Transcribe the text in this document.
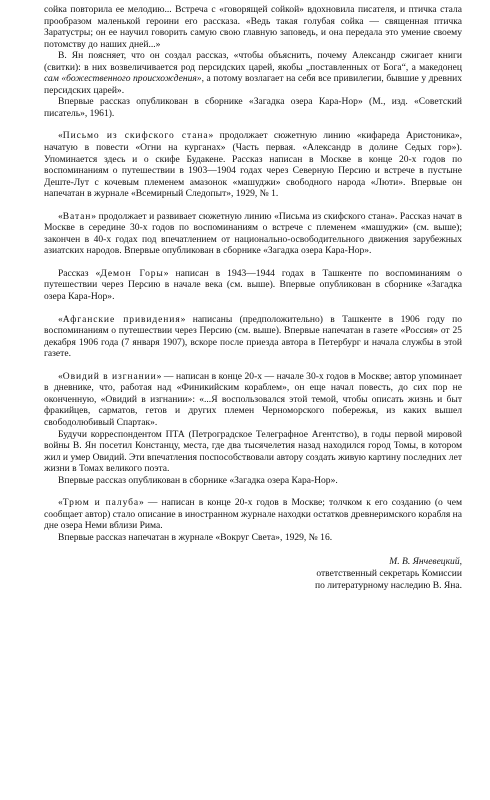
сойка повторила ее мелодию... Встреча с «говорящей сойкой» вдохновила писателя, и птичка стала прообразом маленькой героини его рассказа. «Ведь такая голубая сойка — священная птичка Заратустры; он ее научил говорить самую свою главную заповедь, и она передала это умение своему потомству до наших дней...»

В. Ян поясняет, что он создал рассказ, «чтобы объяснить, почему Александр сжигает книги (свитки): в них возвеличивается род персидских царей, якобы „поставленных от Бога“, а македонец сам «божественного происхождения», а потому возлагает на себя все привилегии, бывшие у древних персидских царей».

Впервые рассказ опубликован в сборнике «Загадка озера Кара-Нор» (М., изд. «Советский писатель», 1961).

«Письмо из скифского стана» продолжает сюжетную линию «кифареда Аристоника», начатую в повести «Огни на курганах» (Часть первая. «Александр в долине Седых гор»). Упоминается здесь и о скифе Будакене. Рассказ написан в Москве в конце 20-х годов по воспоминаниям о путешествии в 1903—1904 годах через Северную Персию и встрече в пустыне Деште-Лут с кочевым племенем амазонок «машуджи» свободного народа «Люти». Впервые он напечатан в журнале «Всемирный Следопыт», 1929, № 1.

«Ватан» продолжает и развивает сюжетную линию «Письма из скифского стана». Рассказ начат в Москве в середине 30-х годов по воспоминаниям о встрече с племенем «машуджи» (см. выше); закончен в 40-х годах под впечатлением от национально-освободительного движения зарубежных азиатских народов. Впервые опубликован в сборнике «Загадка озера Кара-Нор».

Рассказ «Демон Горы» написан в 1943—1944 годах в Ташкенте по воспоминаниям о путешествии через Персию в начале века (см. выше). Впервые опубликован в сборнике «Загадка озера Кара-Нор».

«Афганские привидения» написаны (предположительно) в Ташкенте в 1906 году по воспоминаниям о путешествии через Персию (см. выше). Впервые напечатан в газете «Россия» от 25 декабря 1906 года (7 января 1907), вскоре после приезда автора в Петербург и начала службы в этой газете.

«Овидий в изгнании» — написан в конце 20-х — начале 30-х годов в Москве; автор упоминает в дневнике, что, работая над «Финикийским кораблем», он еще начал повесть, до сих пор не оконченную, «Овидий в изгнании»: «...Я воспользовался этой темой, чтобы описать жизнь и быт фракийцев, сарматов, гетов и других племен Черноморского побережья, из каких вышел свободолюбивый Спартак».

Будучи корреспондентом ПТА (Петроградское Телеграфное Агентство), в годы первой мировой войны В. Ян посетил Констанцу, места, где два тысячелетия назад находился город Томы, в котором жил и умер Овидий. Эти впечатления поспособствовали автору создать живую картину последних лет жизни в Томах великого поэта.

Впервые рассказ опубликован в сборнике «Загадка озера Кара-Нор».

«Трюм и палуба» — написан в конце 20-х годов в Москве; толчком к его созданию (о чем сообщает автор) стало описание в иностранном журнале находки остатков древнеримского корабля на дне озера Неми вблизи Рима.

Впервые рассказ напечатан в журнале «Вокруг Света», 1929, № 16.

М. В. Янчевецкий,

ответственный секретарь Комиссии

по литературному наследию В. Яна.
